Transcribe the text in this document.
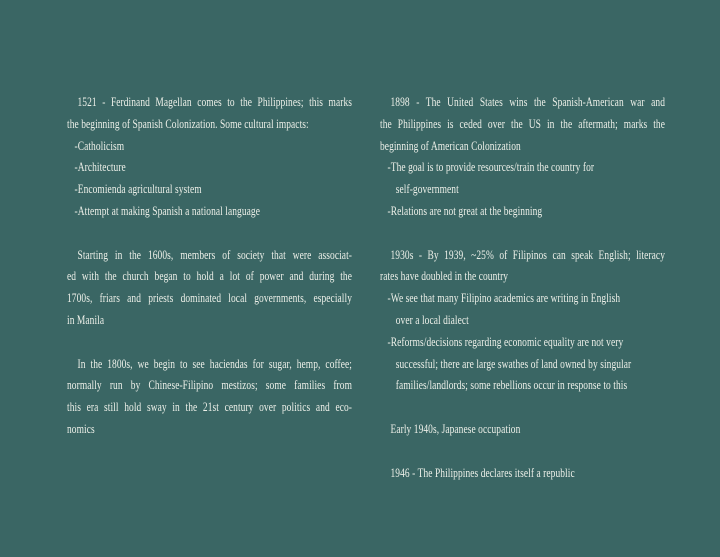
1521 - Ferdinand Magellan comes to the Philippines; this marks
the beginning of Spanish Colonization. Some cultural impacts:
-Catholicism
-Architecture
-Encomienda agricultural system
-Attempt at making Spanish a national language
Starting in the 1600s, members of society that were associat-
ed with the church began to hold a lot of power and during the
1700s, friars and priests dominated local governments, especially
in Manila
In the 1800s, we begin to see haciendas for sugar, hemp, coffee;
normally run by Chinese-Filipino mestizos; some families from
this era still hold sway in the 21st century over politics and eco-
nomics
1898 - The United States wins the Spanish-American war and
the Philippines is ceded over the US in the aftermath; marks the
beginning of American Colonization
-The goal is to provide resources/train the country for
self-government
-Relations are not great at the beginning
1930s - By 1939, ~25% of Filipinos can speak English; literacy
rates have doubled in the country
-We see that many Filipino academics are writing in English
over a local dialect
-Reforms/decisions regarding economic equality are not very
successful; there are large swathes of land owned by singular
families/landlords; some rebellions occur in response to this
Early 1940s, Japanese occupation
1946 - The Philippines declares itself a republic
